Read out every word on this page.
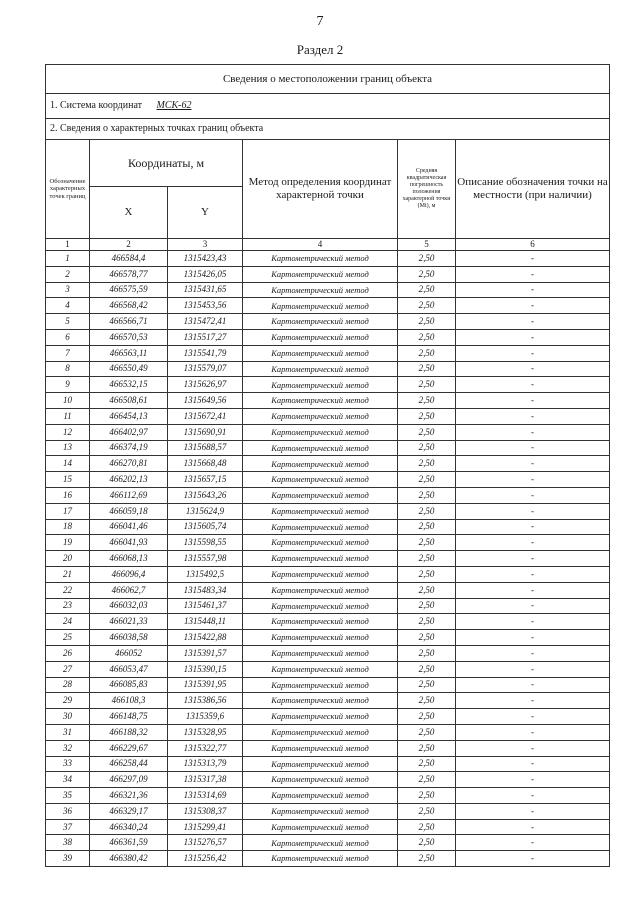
7
Раздел 2
Сведения о местоположении границ объекта					
1. Система координат МСК-62					
2. Сведения о характерных точках границ объекта					
Обозначение характерных точек границ	Координаты, м		Метод определения координат характерной точки	Средняя квадратическая погрешность положения характерной точки (Mt), м	Описание обозначения точки на местности (при наличии)
	X	Y			
1	2	3	4	5	6
1	466584,4	1315423,43	Картометрический метод	2,50	-
2	466578,77	1315426,05	Картометрический метод	2,50	-
3	466575,59	1315431,65	Картометрический метод	2,50	-
4	466568,42	1315453,56	Картометрический метод	2,50	-
5	466566,71	1315472,41	Картометрический метод	2,50	-
6	466570,53	1315517,27	Картометрический метод	2,50	-
7	466563,11	1315541,79	Картометрический метод	2,50	-
8	466550,49	1315579,07	Картометрический метод	2,50	-
9	466532,15	1315626,97	Картометрический метод	2,50	-
10	466508,61	1315649,56	Картометрический метод	2,50	-
11	466454,13	1315672,41	Картометрический метод	2,50	-
12	466402,97	1315690,91	Картометрический метод	2,50	-
13	466374,19	1315688,57	Картометрический метод	2,50	-
14	466270,81	1315668,48	Картометрический метод	2,50	-
15	466202,13	1315657,15	Картометрический метод	2,50	-
16	466112,69	1315643,26	Картометрический метод	2,50	-
17	466059,18	1315624,9	Картометрический метод	2,50	-
18	466041,46	1315605,74	Картометрический метод	2,50	-
19	466041,93	1315598,55	Картометрический метод	2,50	-
20	466068,13	1315557,98	Картометрический метод	2,50	-
21	466096,4	1315492,5	Картометрический метод	2,50	-
22	466062,7	1315483,34	Картометрический метод	2,50	-
23	466032,03	1315461,37	Картометрический метод	2,50	-
24	466021,33	1315448,11	Картометрический метод	2,50	-
25	466038,58	1315422,88	Картометрический метод	2,50	-
26	466052	1315391,57	Картометрический метод	2,50	-
27	466053,47	1315390,15	Картометрический метод	2,50	-
28	466085,83	1315391,95	Картометрический метод	2,50	-
29	466108,3	1315386,56	Картометрический метод	2,50	-
30	466148,75	1315359,6	Картометрический метод	2,50	-
31	466188,32	1315328,95	Картометрический метод	2,50	-
32	466229,67	1315322,77	Картометрический метод	2,50	-
33	466258,44	1315313,79	Картометрический метод	2,50	-
34	466297,09	1315317,38	Картометрический метод	2,50	-
35	466321,36	1315314,69	Картометрический метод	2,50	-
36	466329,17	1315308,37	Картометрический метод	2,50	-
37	466340,24	1315299,41	Картометрический метод	2,50	-
38	466361,59	1315276,57	Картометрический метод	2,50	-
39	466380,42	1315256,42	Картометрический метод	2,50	-
